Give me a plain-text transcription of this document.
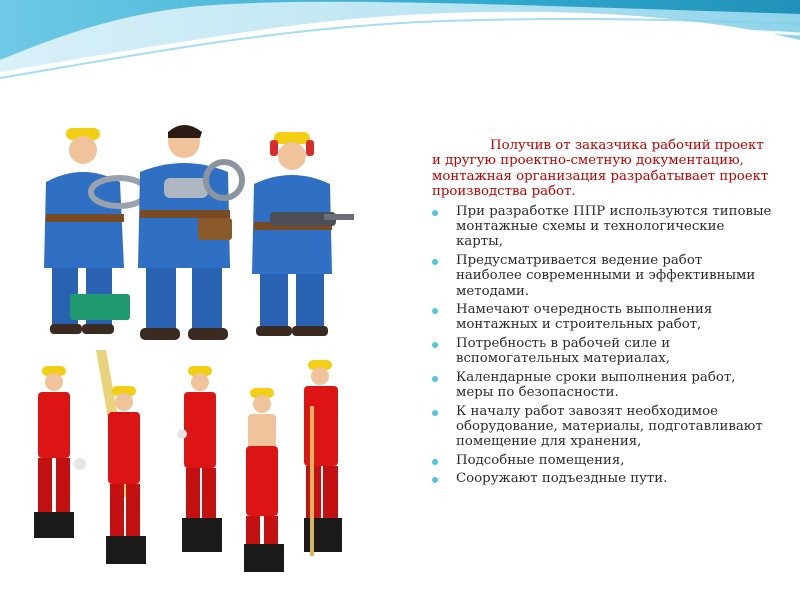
Получив от заказчика рабочий проект и другую проектно-сметную документацию, монтажная организация разрабатывает проект производства работ.

При разработке ППР используются типовые монтажные схемы и технологические карты,
Предусматривается ведение работ наиболее современными и эффективными методами.
Намечают очередность выполнения монтажных и строительных работ,
Потребность в рабочей силе и вспомогательных материалах,
Календарные сроки выполнения работ, меры по безопасности.
К началу работ завозят необходимое оборудование, материалы, подготавливают помещение для хранения,
Подсобные помещения,
Сооружают подъездные пути.
